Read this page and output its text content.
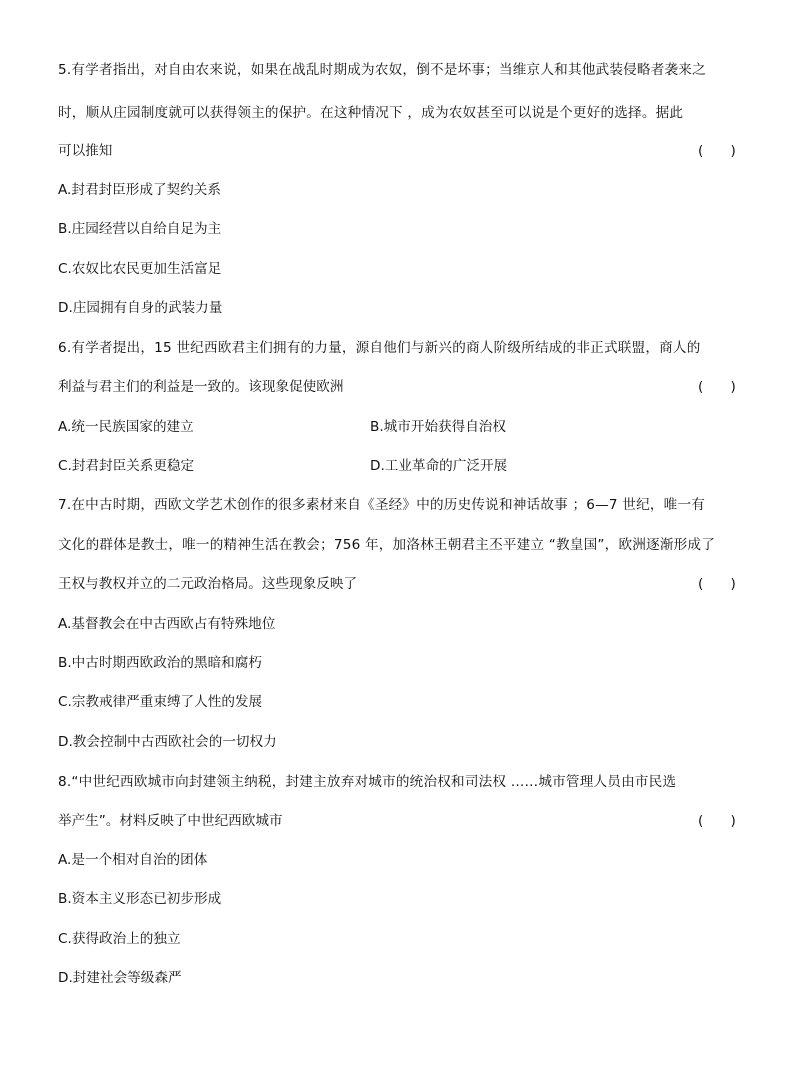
5.有学者指出，对自由农来说，如果在战乱时期成为农奴，倒不是坏事；当维京人和其他武装侵略者袭来之
时，顺从庄园制度就可以获得领主的保护。在这种情况下 ，成为农奴甚至可以说是个更好的选择。据此
可以推知	(　　)
A.封君封臣形成了契约关系
B.庄园经营以自给自足为主
C.农奴比农民更加生活富足
D.庄园拥有自身的武装力量
6.有学者提出，15 世纪西欧君主们拥有的力量，源自他们与新兴的商人阶级所结成的非正式联盟，商人的
利益与君主们的利益是一致的。该现象促使欧洲	(　　)
A.统一民族国家的建立	B.城市开始获得自治权
C.封君封臣关系更稳定	D.工业革命的广泛开展
7.在中古时期，西欧文学艺术创作的很多素材来自《圣经》中的历史传说和神话故事 ；6—7 世纪，唯一有
文化的群体是教士，唯一的精神生活在教会；756 年，加洛林王朝君主丕平建立 “教皇国”，欧洲逐渐形成了
王权与教权并立的二元政治格局。这些现象反映了	(　　)
A.基督教会在中古西欧占有特殊地位
B.中古时期西欧政治的黑暗和腐朽
C.宗教戒律严重束缚了人性的发展
D.教会控制中古西欧社会的一切权力
8.“中世纪西欧城市向封建领主纳税，封建主放弃对城市的统治权和司法权 ……城市管理人员由市民选
举产生”。材料反映了中世纪西欧城市	(　　)
A.是一个相对自治的团体
B.资本主义形态已初步形成
C.获得政治上的独立
D.封建社会等级森严
